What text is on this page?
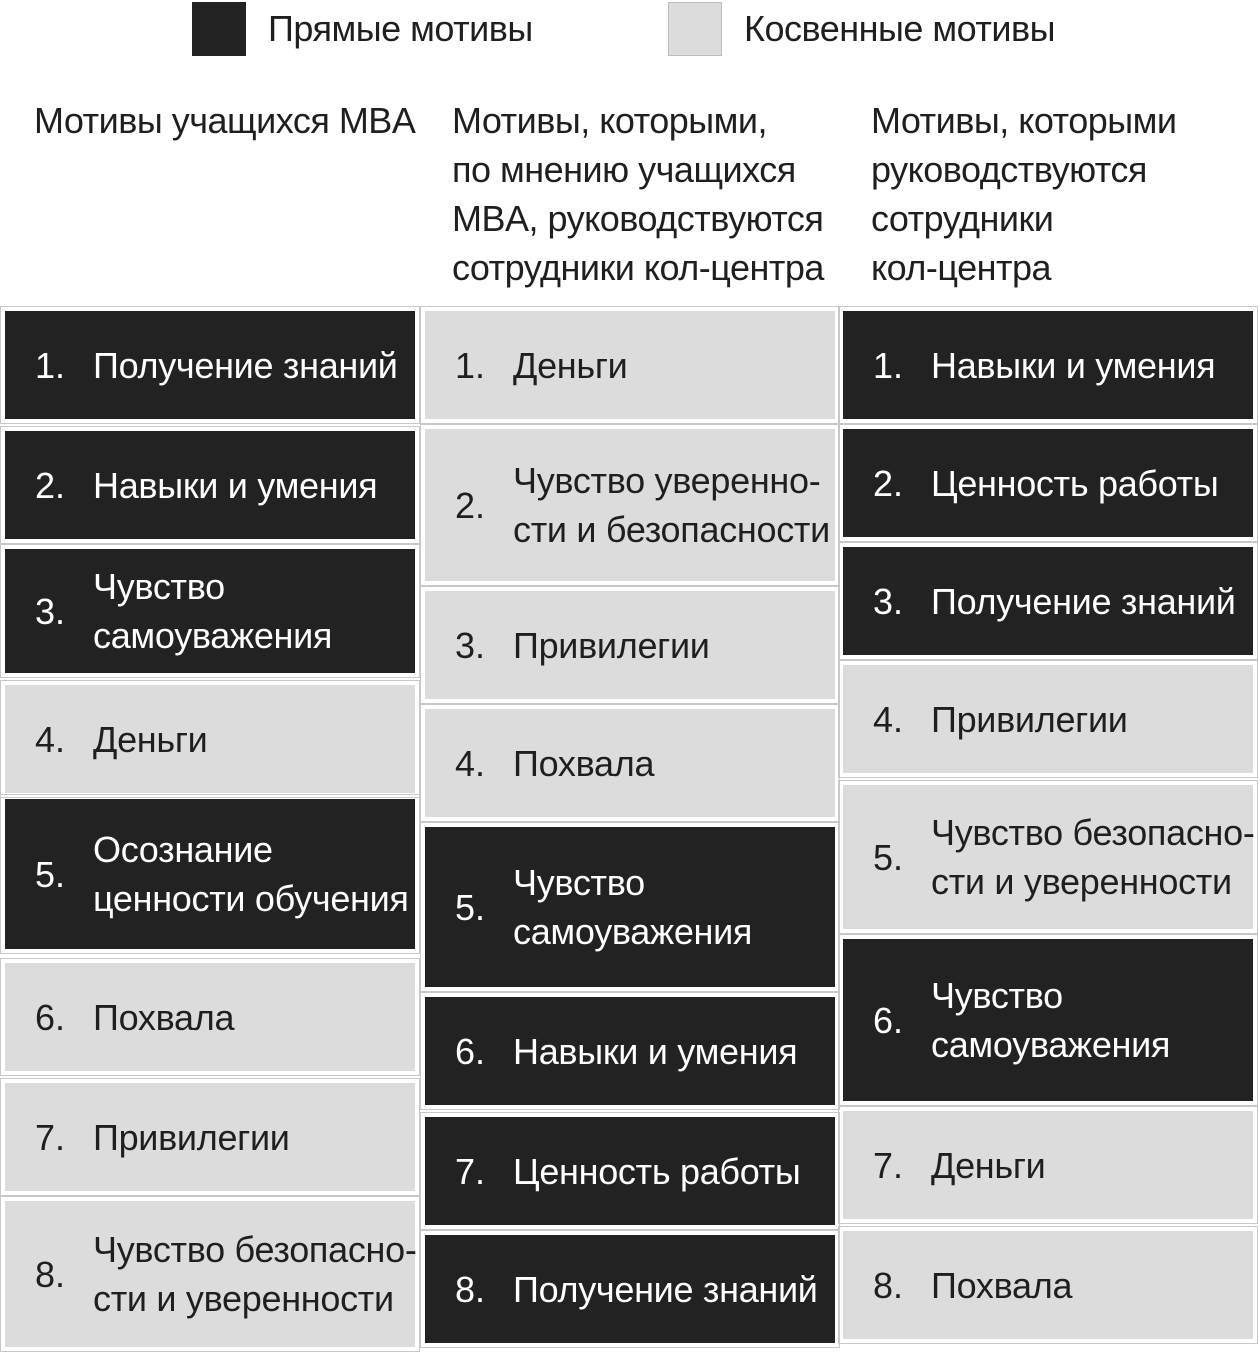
Прямые мотивы	Косвенные мотивы
Мотивы учащихся MBA Мотивы, которыми,
по мнению учащихся
MBA, руководствуются
сотрудники кол-центра
Мотивы, которыми
руководствуются
сотрудники
кол-центра
1. Получение знаний
2. Навыки и умения
3.
Чувство
самоуважения
4. Деньги
5.
Осознание
ценности обучения
6. Похвала
7. Привилегии
8.
Чувство безопасно-
сти и уверенности
1. Деньги
2.
Чувство уверенно-
сти и безопасности
3. Привилегии
4. Похвала
5.
Чувство
самоуважения
6. Навыки и умения
7. Ценность работы
8. Получение знаний
1. Навыки и умения
2. Ценность работы
3. Получение знаний
4. Привилегии
5.
Чувство безопасно-
сти и уверенности
6.
Чувство
самоуважения
7. Деньги
8. Похвала
